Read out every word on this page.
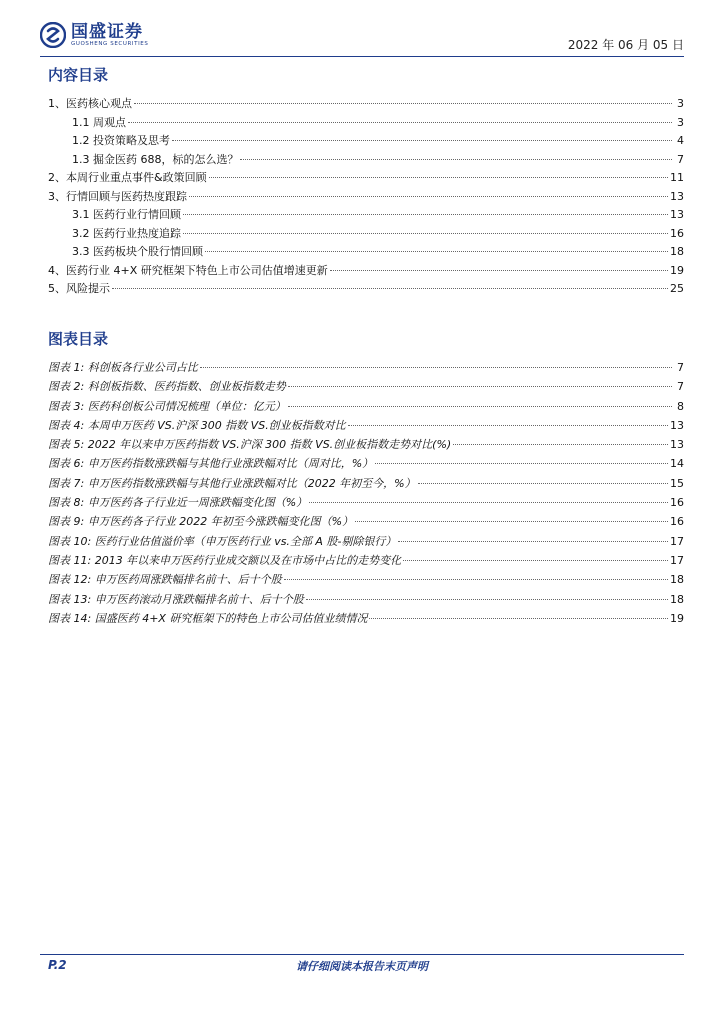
国盛证券
GUOSHENG SECURITIES	2022 年 06 月 05 日
内容目录
1、医药核心观点	3
1.1 周观点	3
1.2 投资策略及思考	4
1.3 掘金医药 688，标的怎么选？	7
2、本周行业重点事件&政策回顾	11
3、行情回顾与医药热度跟踪	13
3.1 医药行业行情回顾	13
3.2 医药行业热度追踪	16
3.3 医药板块个股行情回顾	18
4、医药行业 4+X 研究框架下特色上市公司估值增速更新	19
5、风险提示	25
图表目录
图表 1: 科创板各行业公司占比	7
图表 2: 科创板指数、医药指数、创业板指数走势	7
图表 3: 医药科创板公司情况梳理（单位：亿元）	8
图表 4: 本周申万医药 VS.沪深 300 指数 VS.创业板指数对比	13
图表 5: 2022 年以来申万医药指数 VS.沪深 300 指数 VS.创业板指数走势对比(%)	13
图表 6: 申万医药指数涨跌幅与其他行业涨跌幅对比（周对比，%）	14
图表 7: 申万医药指数涨跌幅与其他行业涨跌幅对比（2022 年初至今，%）	15
图表 8: 申万医药各子行业近一周涨跌幅变化图（%）	16
图表 9: 申万医药各子行业 2022 年初至今涨跌幅变化图（%）	16
图表 10: 医药行业估值溢价率（申万医药行业 vs.全部 A 股-剔除银行）	17
图表 11: 2013 年以来申万医药行业成交额以及在市场中占比的走势变化	17
图表 12: 申万医药周涨跌幅排名前十、后十个股	18
图表 13: 申万医药滚动月涨跌幅排名前十、后十个股	18
图表 14: 国盛医药 4+X 研究框架下的特色上市公司估值业绩情况	19
P.2	请仔细阅读本报告末页声明
